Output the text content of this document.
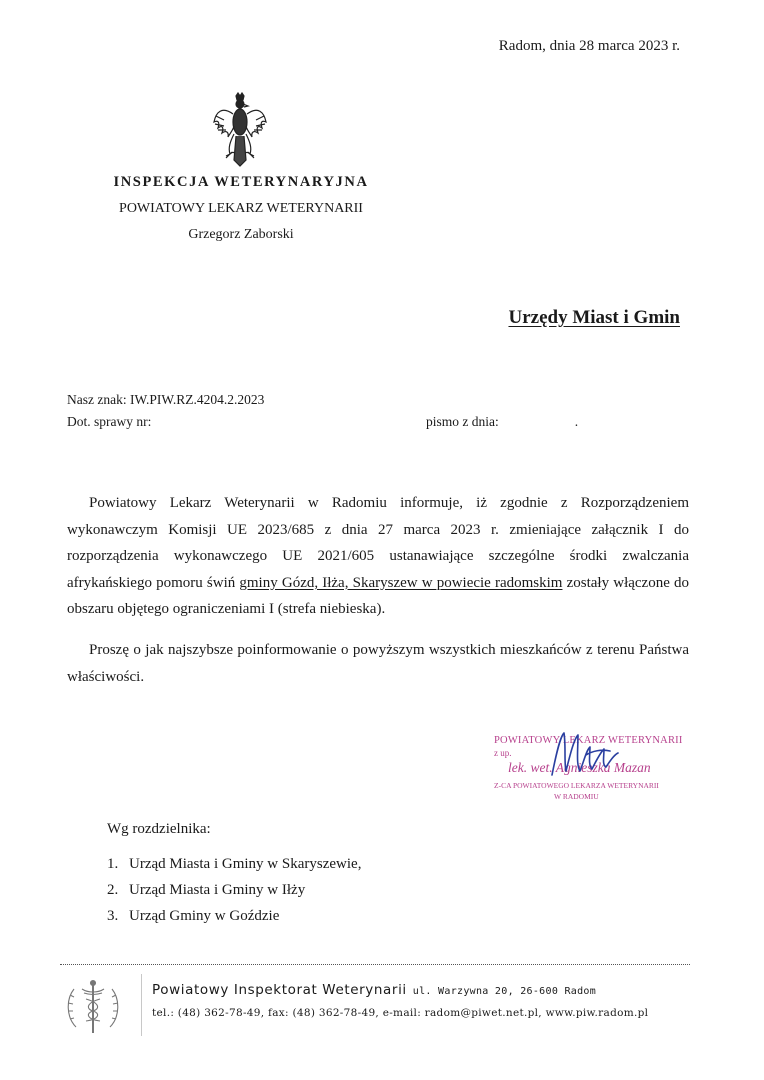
Radom, dnia 28 marca 2023 r.
INSPEKCJA WETERYNARYJNA
POWIATOWY LEKARZ WETERYNARII
Grzegorz Zaborski
Urzędy Miast i Gmin
Nasz znak: IW.PIW.RZ.4204.2.2023
Dot. sprawy nr:	pismo z dnia:	.
Powiatowy Lekarz Weterynarii w Radomiu informuje, iż zgodnie z Rozporządzeniem wykonawczym Komisji UE 2023/685 z dnia 27 marca 2023 r. zmieniające załącznik I do rozporządzenia wykonawczego UE 2021/605 ustanawiające szczególne środki zwalczania afrykańskiego pomoru świń gminy Gózd, Iłża, Skaryszew w powiecie radomskim zostały włączone do obszaru objętego ograniczeniami I (strefa niebieska).
Proszę o jak najszybsze poinformowanie o powyższym wszystkich mieszkańców z terenu Państwa właściwości.
POWIATOWY LEKARZ WETERYNARII
z up.
lek. wet. Agnieszka Mazan
Z-CA POWIATOWEGO LEKARZA WETERYNARII
W RADOMIU
Wg rozdzielnika:
1. Urząd Miasta i Gminy w Skaryszewie,
2. Urząd Miasta i Gminy w Iłży
3. Urząd Gminy w Goździe
Powiatowy Inspektorat Weterynarii ul. Warzywna 20, 26-600 Radom
tel.: (48) 362-78-49, fax: (48) 362-78-49, e-mail: radom@piwet.net.pl, www.piw.radom.pl
